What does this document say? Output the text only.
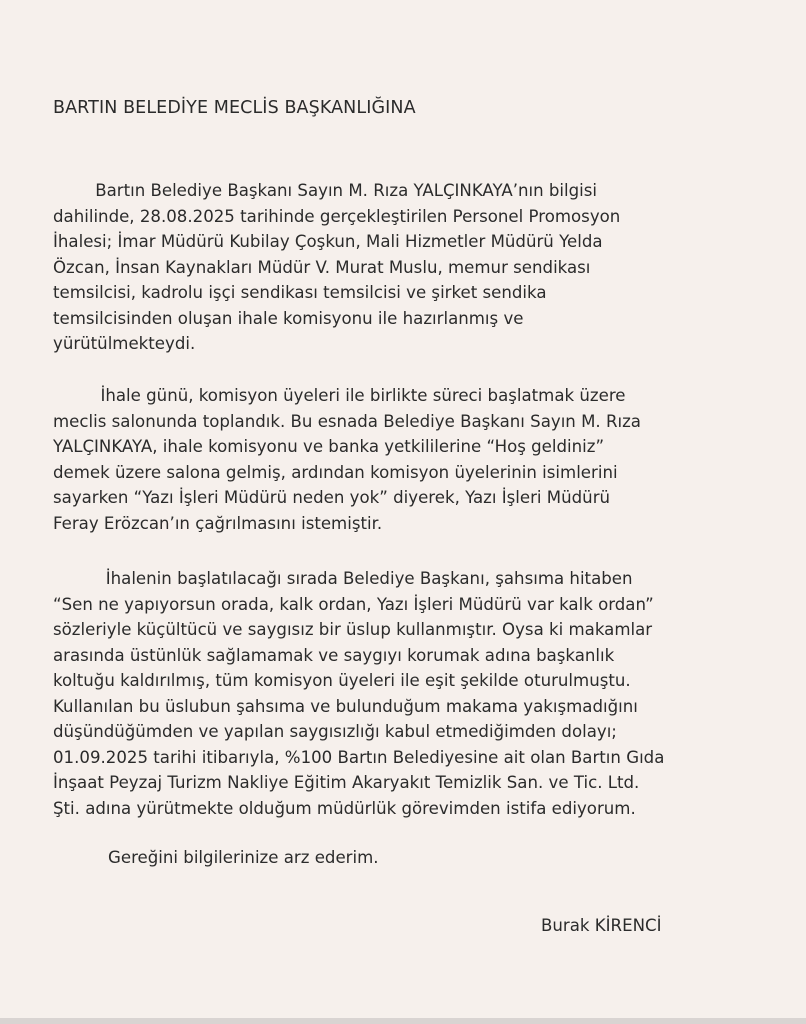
BARTIN BELEDİYE MECLİS BAŞKANLIĞINA
Bartın Belediye Başkanı Sayın M. Rıza YALÇINKAYA’nın bilgisi
dahilinde, 28.08.2025 tarihinde gerçekleştirilen Personel Promosyon
İhalesi; İmar Müdürü Kubilay Çoşkun, Mali Hizmetler Müdürü Yelda
Özcan, İnsan Kaynakları Müdür V. Murat Muslu, memur sendikası
temsilcisi, kadrolu işçi sendikası temsilcisi ve şirket sendika
temsilcisinden oluşan ihale komisyonu ile hazırlanmış ve
yürütülmekteydi.
İhale günü, komisyon üyeleri ile birlikte süreci başlatmak üzere
meclis salonunda toplandık. Bu esnada Belediye Başkanı Sayın M. Rıza
YALÇINKAYA, ihale komisyonu ve banka yetkililerine “Hoş geldiniz”
demek üzere salona gelmiş, ardından komisyon üyelerinin isimlerini
sayarken “Yazı İşleri Müdürü neden yok” diyerek, Yazı İşleri Müdürü
Feray Erözcan’ın çağrılmasını istemiştir.
İhalenin başlatılacağı sırada Belediye Başkanı, şahsıma hitaben
“Sen ne yapıyorsun orada, kalk ordan, Yazı İşleri Müdürü var kalk ordan”
sözleriyle küçültücü ve saygısız bir üslup kullanmıştır. Oysa ki makamlar
arasında üstünlük sağlamamak ve saygıyı korumak adına başkanlık
koltuğu kaldırılmış, tüm komisyon üyeleri ile eşit şekilde oturulmuştu.
Kullanılan bu üslubun şahsıma ve bulunduğum makama yakışmadığını
düşündüğümden ve yapılan saygısızlığı kabul etmediğimden dolayı;
01.09.2025 tarihi itibarıyla, %100 Bartın Belediyesine ait olan Bartın Gıda
İnşaat Peyzaj Turizm Nakliye Eğitim Akaryakıt Temizlik San. ve Tic. Ltd.
Şti. adına yürütmekte olduğum müdürlük görevimden istifa ediyorum.
Gereğini bilgilerinize arz ederim.
Burak KİRENCİ
